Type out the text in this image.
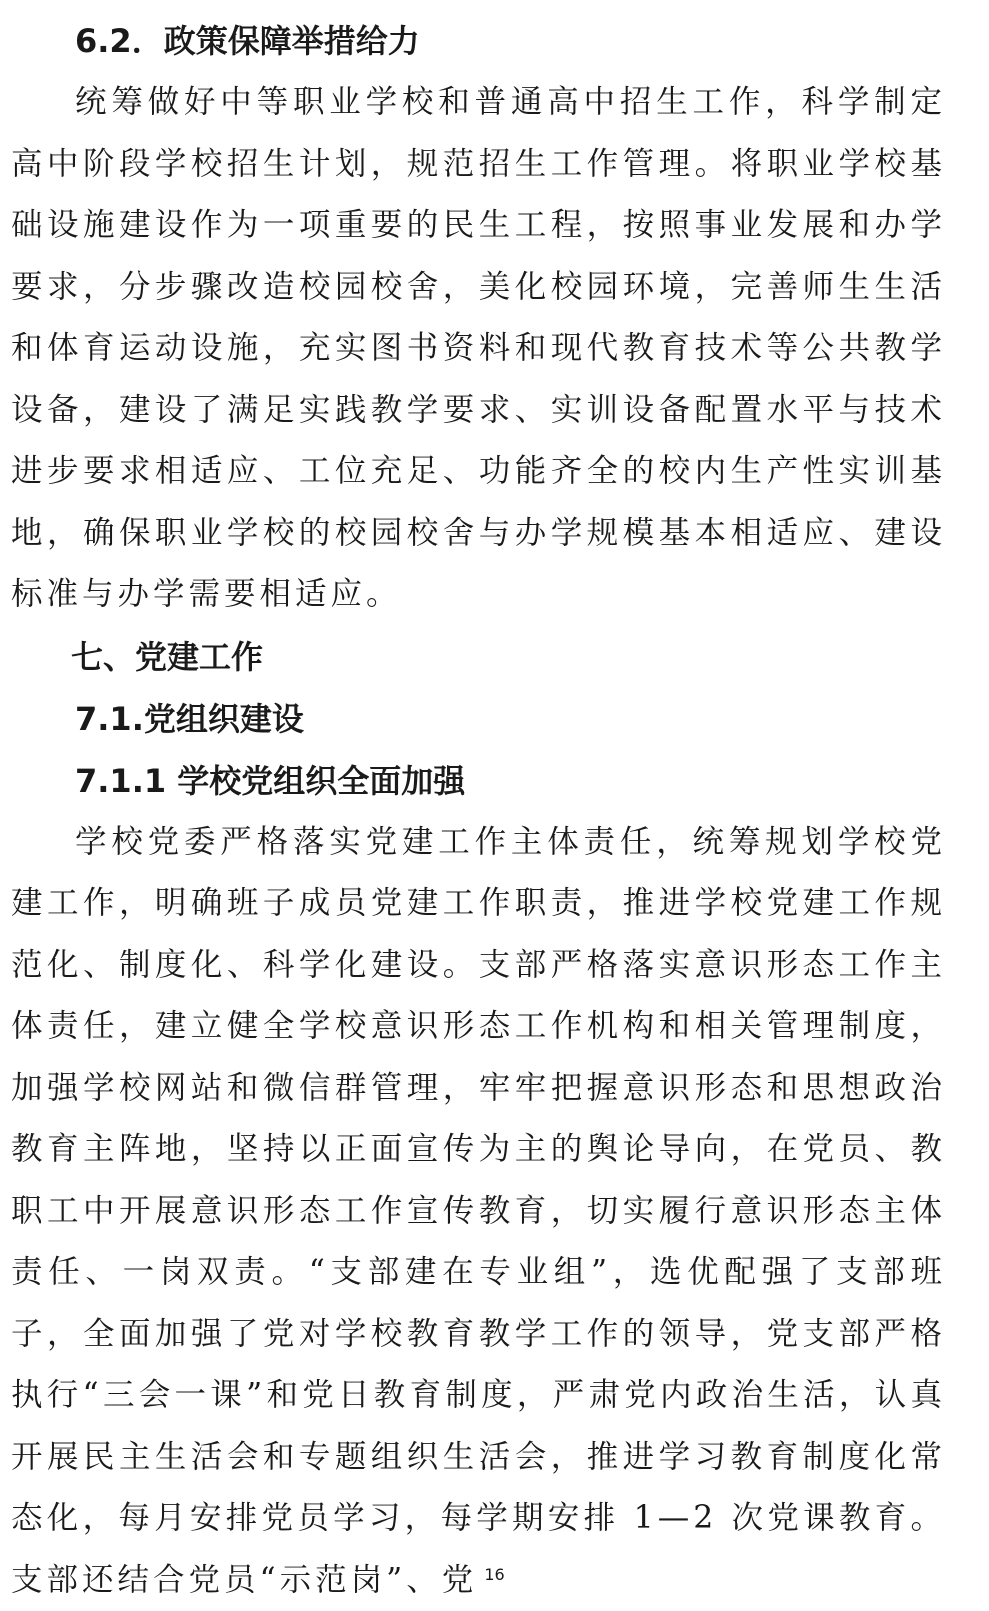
6.2．政策保障举措给力

统筹做好中等职业学校和普通高中招生工作，科学制定高中阶段学校招生计划，规范招生工作管理。将职业学校基础设施建设作为一项重要的民生工程，按照事业发展和办学要求，分步骤改造校园校舍，美化校园环境，完善师生生活和体育运动设施，充实图书资料和现代教育技术等公共教学设备，建设了满足实践教学要求、实训设备配置水平与技术进步要求相适应、工位充足、功能齐全的校内生产性实训基地，确保职业学校的校园校舍与办学规模基本相适应、建设标准与办学需要相适应。

七、党建工作
7.1.党组织建设
7.1.1 学校党组织全面加强

学校党委严格落实党建工作主体责任，统筹规划学校党建工作，明确班子成员党建工作职责，推进学校党建工作规范化、制度化、科学化建设。支部严格落实意识形态工作主体责任，建立健全学校意识形态工作机构和相关管理制度，加强学校网站和微信群管理，牢牢把握意识形态和思想政治教育主阵地，坚持以正面宣传为主的舆论导向，在党员、教职工中开展意识形态工作宣传教育，切实履行意识形态主体责任、一岗双责。“支部建在专业组”，选优配强了支部班子，全面加强了党对学校教育教学工作的领导，党支部严格执行“三会一课”和党日教育制度，严肃党内政治生活，认真开展民主生活会和专题组织生活会，推进学习教育制度化常态化，每月安排党员学习，每学期安排 1—2 次党课教育。支部还结合党员“示范岗”、党 16
